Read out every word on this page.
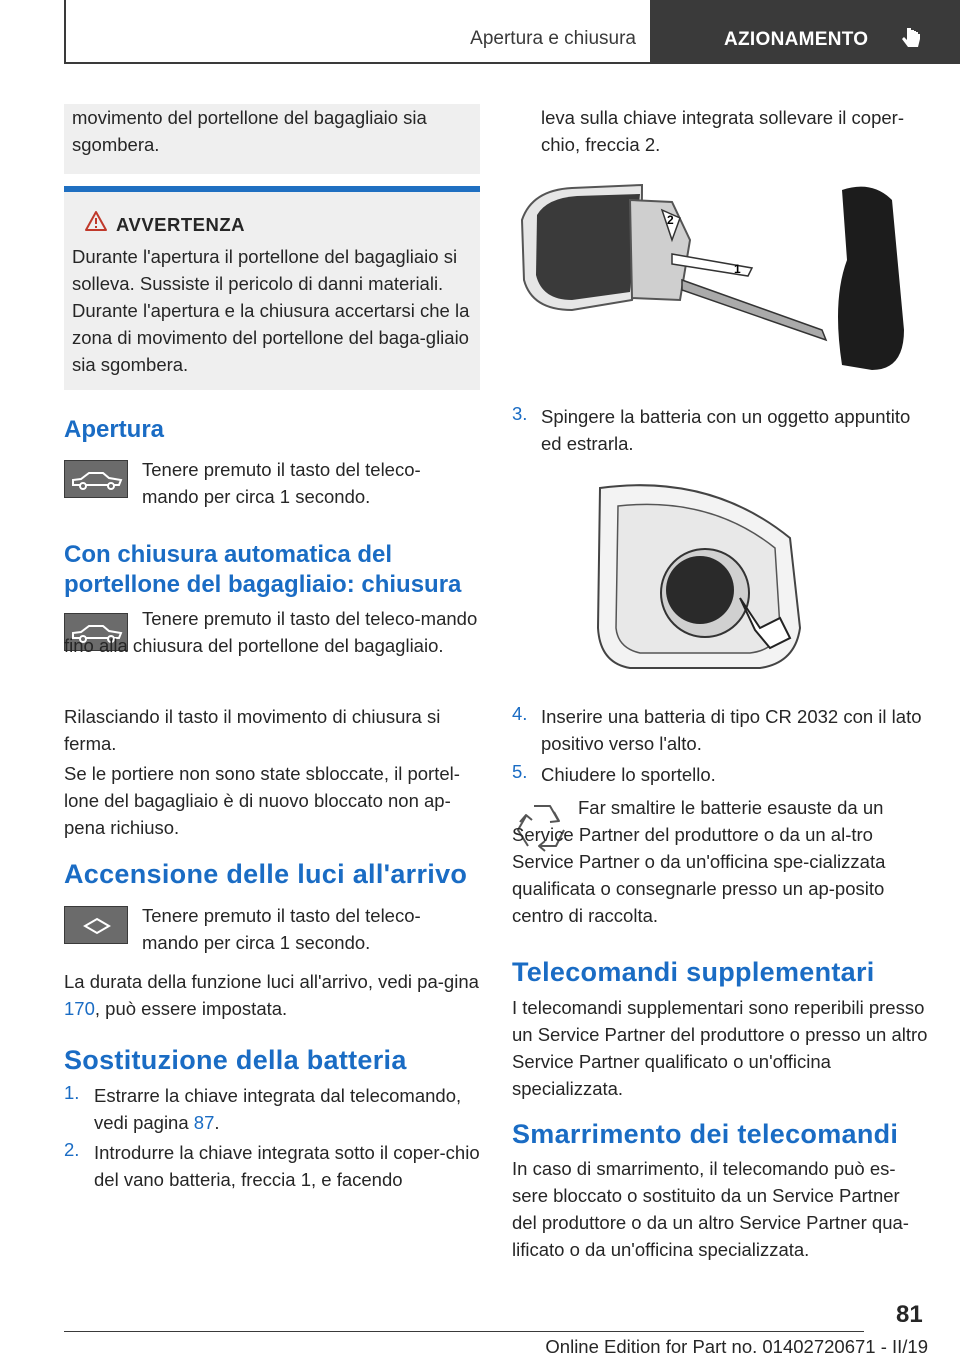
Apertura e chiusura	AZIONAMENTO

movimento del portellone del bagagliaio sia sgombera.

AVVERTENZA

Durante l'apertura il portellone del bagagliaio si solleva. Sussiste il pericolo di danni materiali. Durante l'apertura e la chiusura accertarsi che la zona di movimento del portellone del baga-gliaio sia sgombera.

Apertura

Tenere premuto il tasto del teleco-mando per circa 1 secondo.

Con chiusura automatica del portellone del bagagliaio: chiusura

Tenere premuto il tasto del teleco-mando fino alla chiusura del portellone del bagagliaio.

Rilasciando il tasto il movimento di chiusura si ferma.

Se le portiere non sono state sbloccate, il portel-lone del bagagliaio è di nuovo bloccato non ap-pena richiuso.

Accensione delle luci all'arrivo

Tenere premuto il tasto del teleco-mando per circa 1 secondo.

La durata della funzione luci all'arrivo, vedi pa-gina 170, può essere impostata.

Sostituzione della batteria
1. Estrarre la chiave integrata dal telecomando, vedi pagina 87.

2. Introdurre la chiave integrata sotto il coper-chio del vano batteria, freccia 1, e facendo

leva sulla chiave integrata sollevare il coper-chio, freccia 2.

2
1
3. Spingere la batteria con un oggetto appuntito ed estrarla.

4. Inserire una batteria di tipo CR 2032 con il lato positivo verso l'alto.

5. Chiudere lo sportello.

Far smaltire le batterie esauste da un Service Partner del produttore o da un al-tro Service Partner o da un'officina spe-cializzata qualificata o consegnarle presso un ap-posito centro di raccolta.

Telecomandi supplementari

I telecomandi supplementari sono reperibili presso un Service Partner del produttore o presso un altro Service Partner qualificato o un'officina specializzata.

Smarrimento dei telecomandi

In caso di smarrimento, il telecomando può es-sere bloccato o sostituito da un Service Partner del produttore o da un altro Service Partner qua-lificato o da un'officina specializzata.

81
Online Edition for Part no. 01402720671 - II/19
